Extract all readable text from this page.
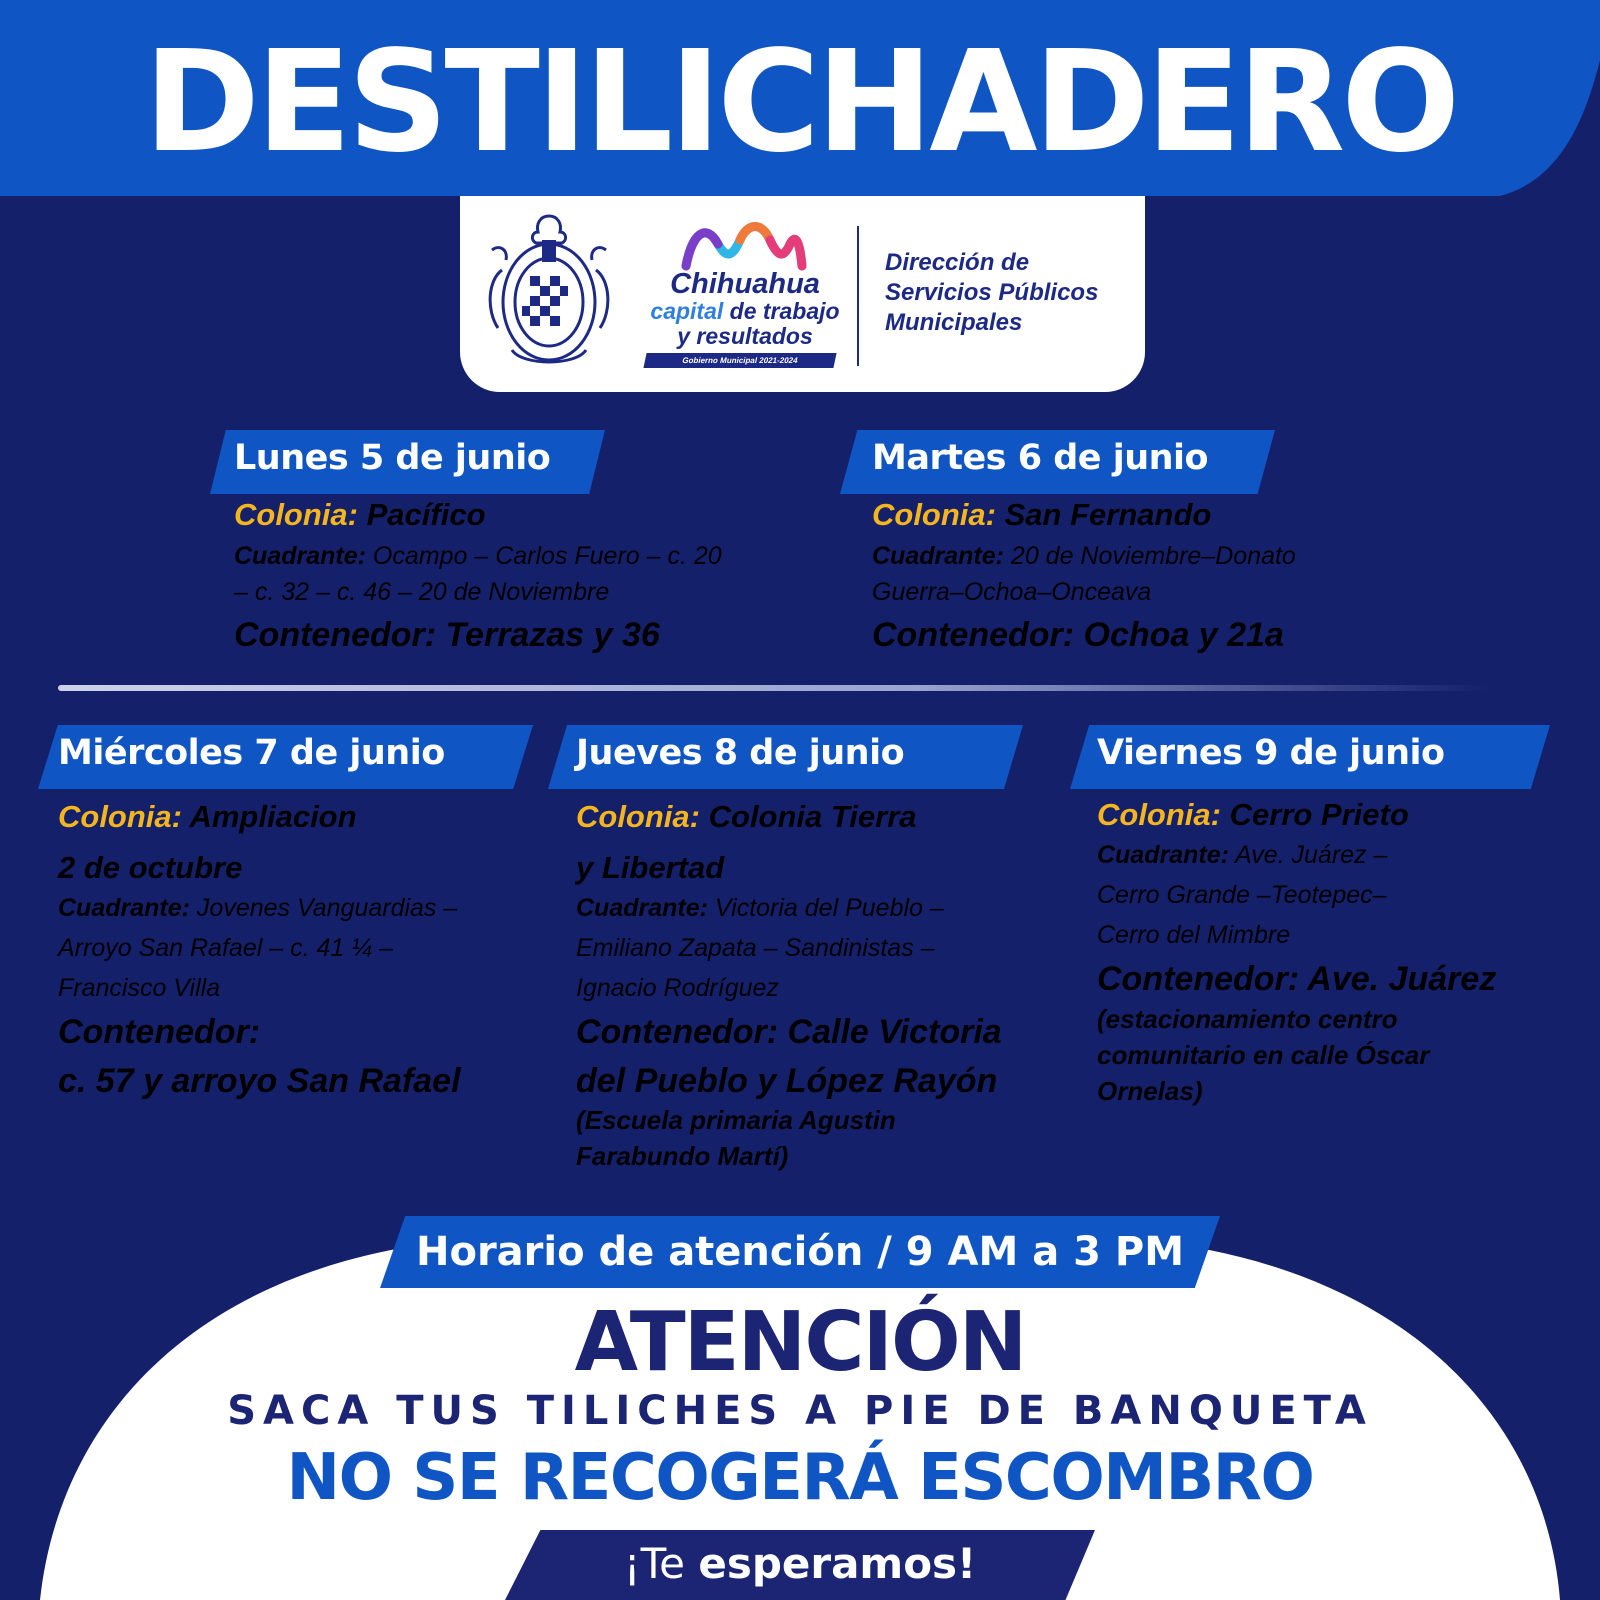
DESTILICHADERO
Chihuahua
capital de trabajo
y resultados
Gobierno Municipal 2021-2024
Dirección de
Servicios Públicos
Municipales
Lunes 5 de junio
Colonia: Pacífico
Cuadrante: Ocampo – Carlos Fuero – c. 20
– c. 32 – c. 46 – 20 de Noviembre
Contenedor: Terrazas y 36
Martes 6 de junio
Colonia: San Fernando
Cuadrante: 20 de Noviembre–Donato
Guerra–Ochoa–Onceava
Contenedor: Ochoa y 21a
Miércoles 7 de junio
Colonia: Ampliacion
2 de octubre
Cuadrante: Jovenes Vanguardias –
Arroyo San Rafael – c. 41 ¼ –
Francisco Villa
Contenedor:
c. 57 y arroyo San Rafael
Jueves 8 de junio
Colonia: Colonia Tierra
y Libertad
Cuadrante: Victoria del Pueblo –
Emiliano Zapata – Sandinistas –
Ignacio Rodríguez
Contenedor: Calle Victoria
del Pueblo y López Rayón
(Escuela primaria Agustin
Farabundo Martí)
Viernes 9 de junio
Colonia: Cerro Prieto
Cuadrante: Ave. Juárez –
Cerro Grande –Teotepec–
Cerro del Mimbre
Contenedor: Ave. Juárez
(estacionamiento centro
comunitario en calle Óscar
Ornelas)
Horario de atención / 9 AM a 3 PM
ATENCIÓN
SACA TUS TILICHES A PIE DE BANQUETA
NO SE RECOGERÁ ESCOMBRO
¡Te esperamos!
